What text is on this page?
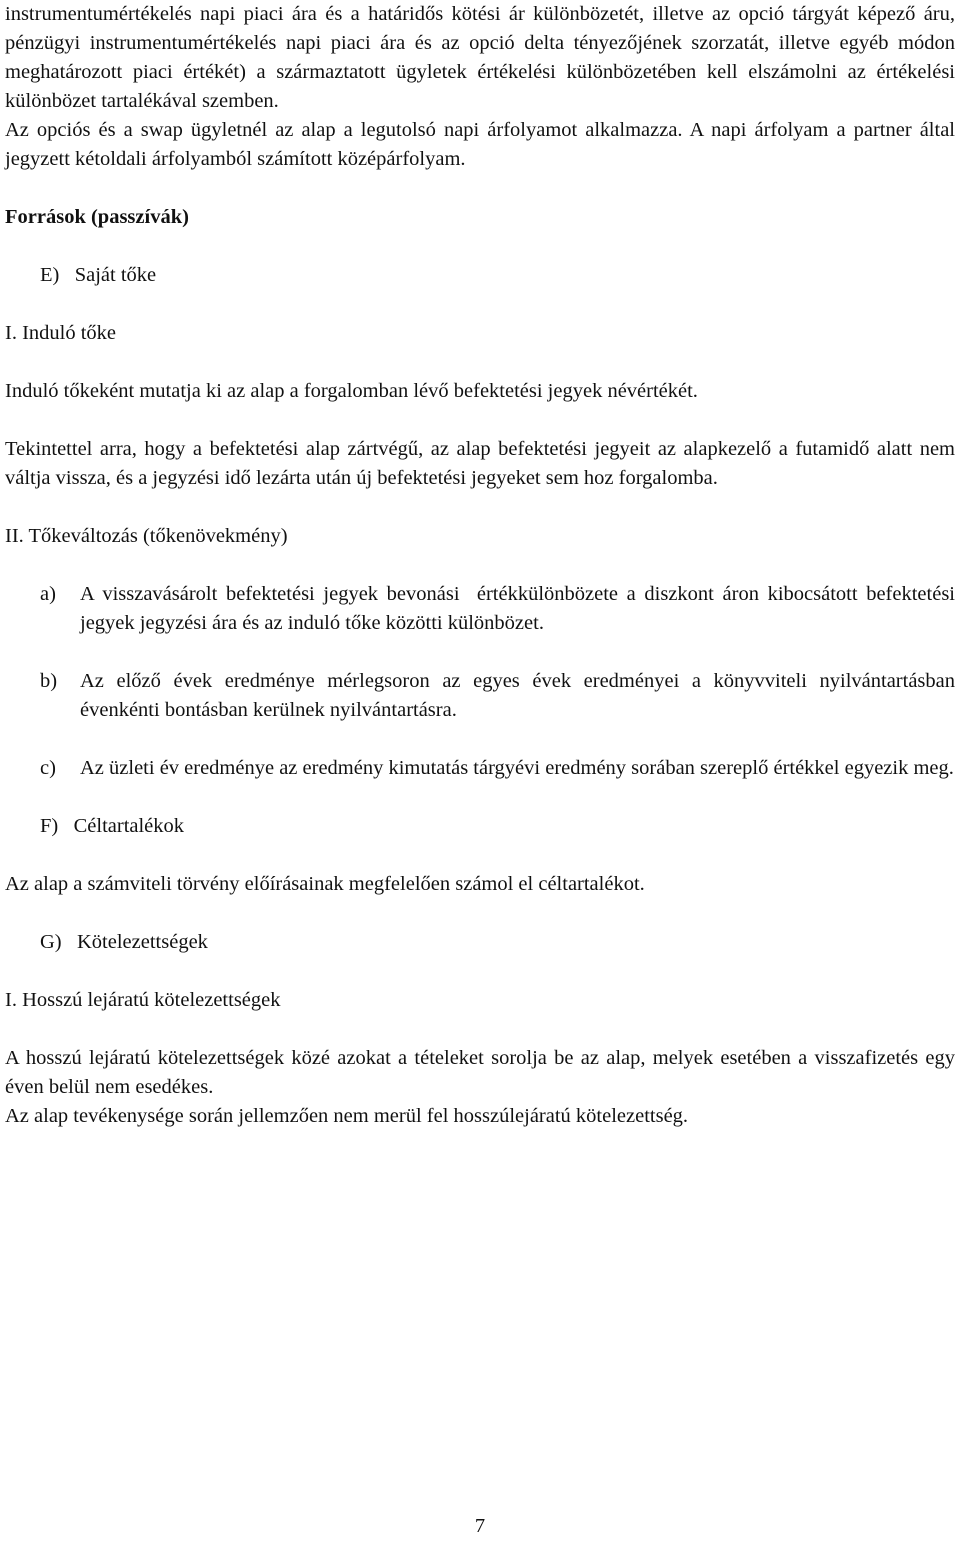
instrumentumértékelés napi piaci ára és a határidős kötési ár különbözetét, illetve az opció tárgyát képező áru, pénzügyi instrumentumértékelés napi piaci ára és az opció delta tényezőjének szorzatát, illetve egyéb módon meghatározott piaci értékét) a származtatott ügyletek értékelési különbözetében kell elszámolni az értékelési különbözet tartalékával szemben.

Az opciós és a swap ügyletnél az alap a legutolsó napi árfolyamot alkalmazza. A napi árfolyam a partner által jegyzett kétoldali árfolyamból számított középárfolyam.

Források (passzívák)

E)   Saját tőke

I. Induló tőke

Induló tőkeként mutatja ki az alap a forgalomban lévő befektetési jegyek névértékét.

Tekintettel arra, hogy a befektetési alap zártvégű, az alap befektetési jegyeit az alapkezelő a futamidő alatt nem váltja vissza, és a jegyzési idő lezárta után új befektetési jegyeket sem hoz forgalomba.

II. Tőkeváltozás (tőkenövekmény)

a)	A visszavásárolt befektetési jegyek bevonási  értékkülönbözete a diszkont áron kibocsátott befektetési jegyek jegyzési ára és az induló tőke közötti különbözet.
b)	Az előző évek eredménye mérlegsoron az egyes évek eredményei a könyvviteli nyilvántartásban évenkénti bontásban kerülnek nyilvántartásra.
c)	Az üzleti év eredménye az eredmény kimutatás tárgyévi eredmény sorában szereplő értékkel egyezik meg.

F)   Céltartalékok

Az alap a számviteli törvény előírásainak megfelelően számol el céltartalékot.

G)   Kötelezettségek

I. Hosszú lejáratú kötelezettségek

A hosszú lejáratú kötelezettségek közé azokat a tételeket sorolja be az alap, melyek esetében a visszafizetés egy éven belül nem esedékes.

Az alap tevékenysége során jellemzően nem merül fel hosszúlejáratú kötelezettség.

7
